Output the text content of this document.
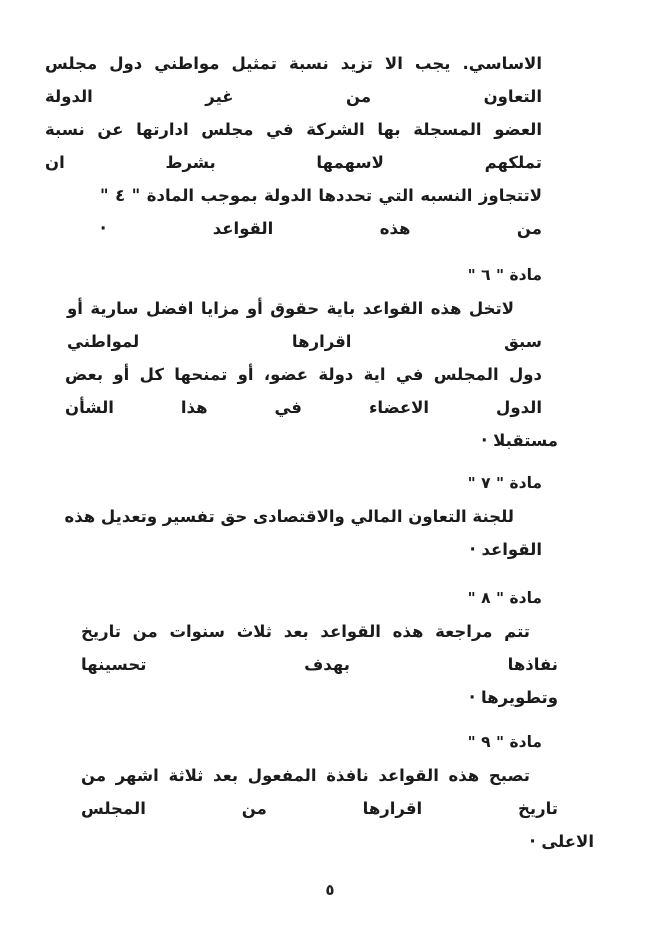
الاساسي. يجب الا تزيد نسبة تمثيل مواطني دول مجلس التعاون من غير الدولة
العضو المسجلة بها الشركة في مجلس ادارتها عن نسبة تملكهم لاسهمها بشرط ان
لاتتجاوز النسبه التي تحددها الدولة بموجب المادة " ٤ " من هذه القواعد ·
مادة " ٦ "
لاتخل هذه القواعد باية حقوق أو مزايا افضل سارية أو سبق اقرارها لمواطني
دول المجلس في اية دولة عضو، أو تمنحها كل أو بعض الدول الاعضاء في هذا الشأن
مستقبلا ·
مادة " ٧ "
للجنة التعاون المالي والاقتصادى حق تفسير وتعديل هذه القواعد ·
مادة " ٨ "
تتم مراجعة هذه القواعد بعد ثلاث سنوات من تاريخ نفاذها بهدف تحسينها
وتطويرها ·
مادة " ٩ "
تصبح هذه القواعد نافذة المفعول بعد ثلاثة اشهر من تاريخ اقرارها من المجلس
الاعلى ·
٥
